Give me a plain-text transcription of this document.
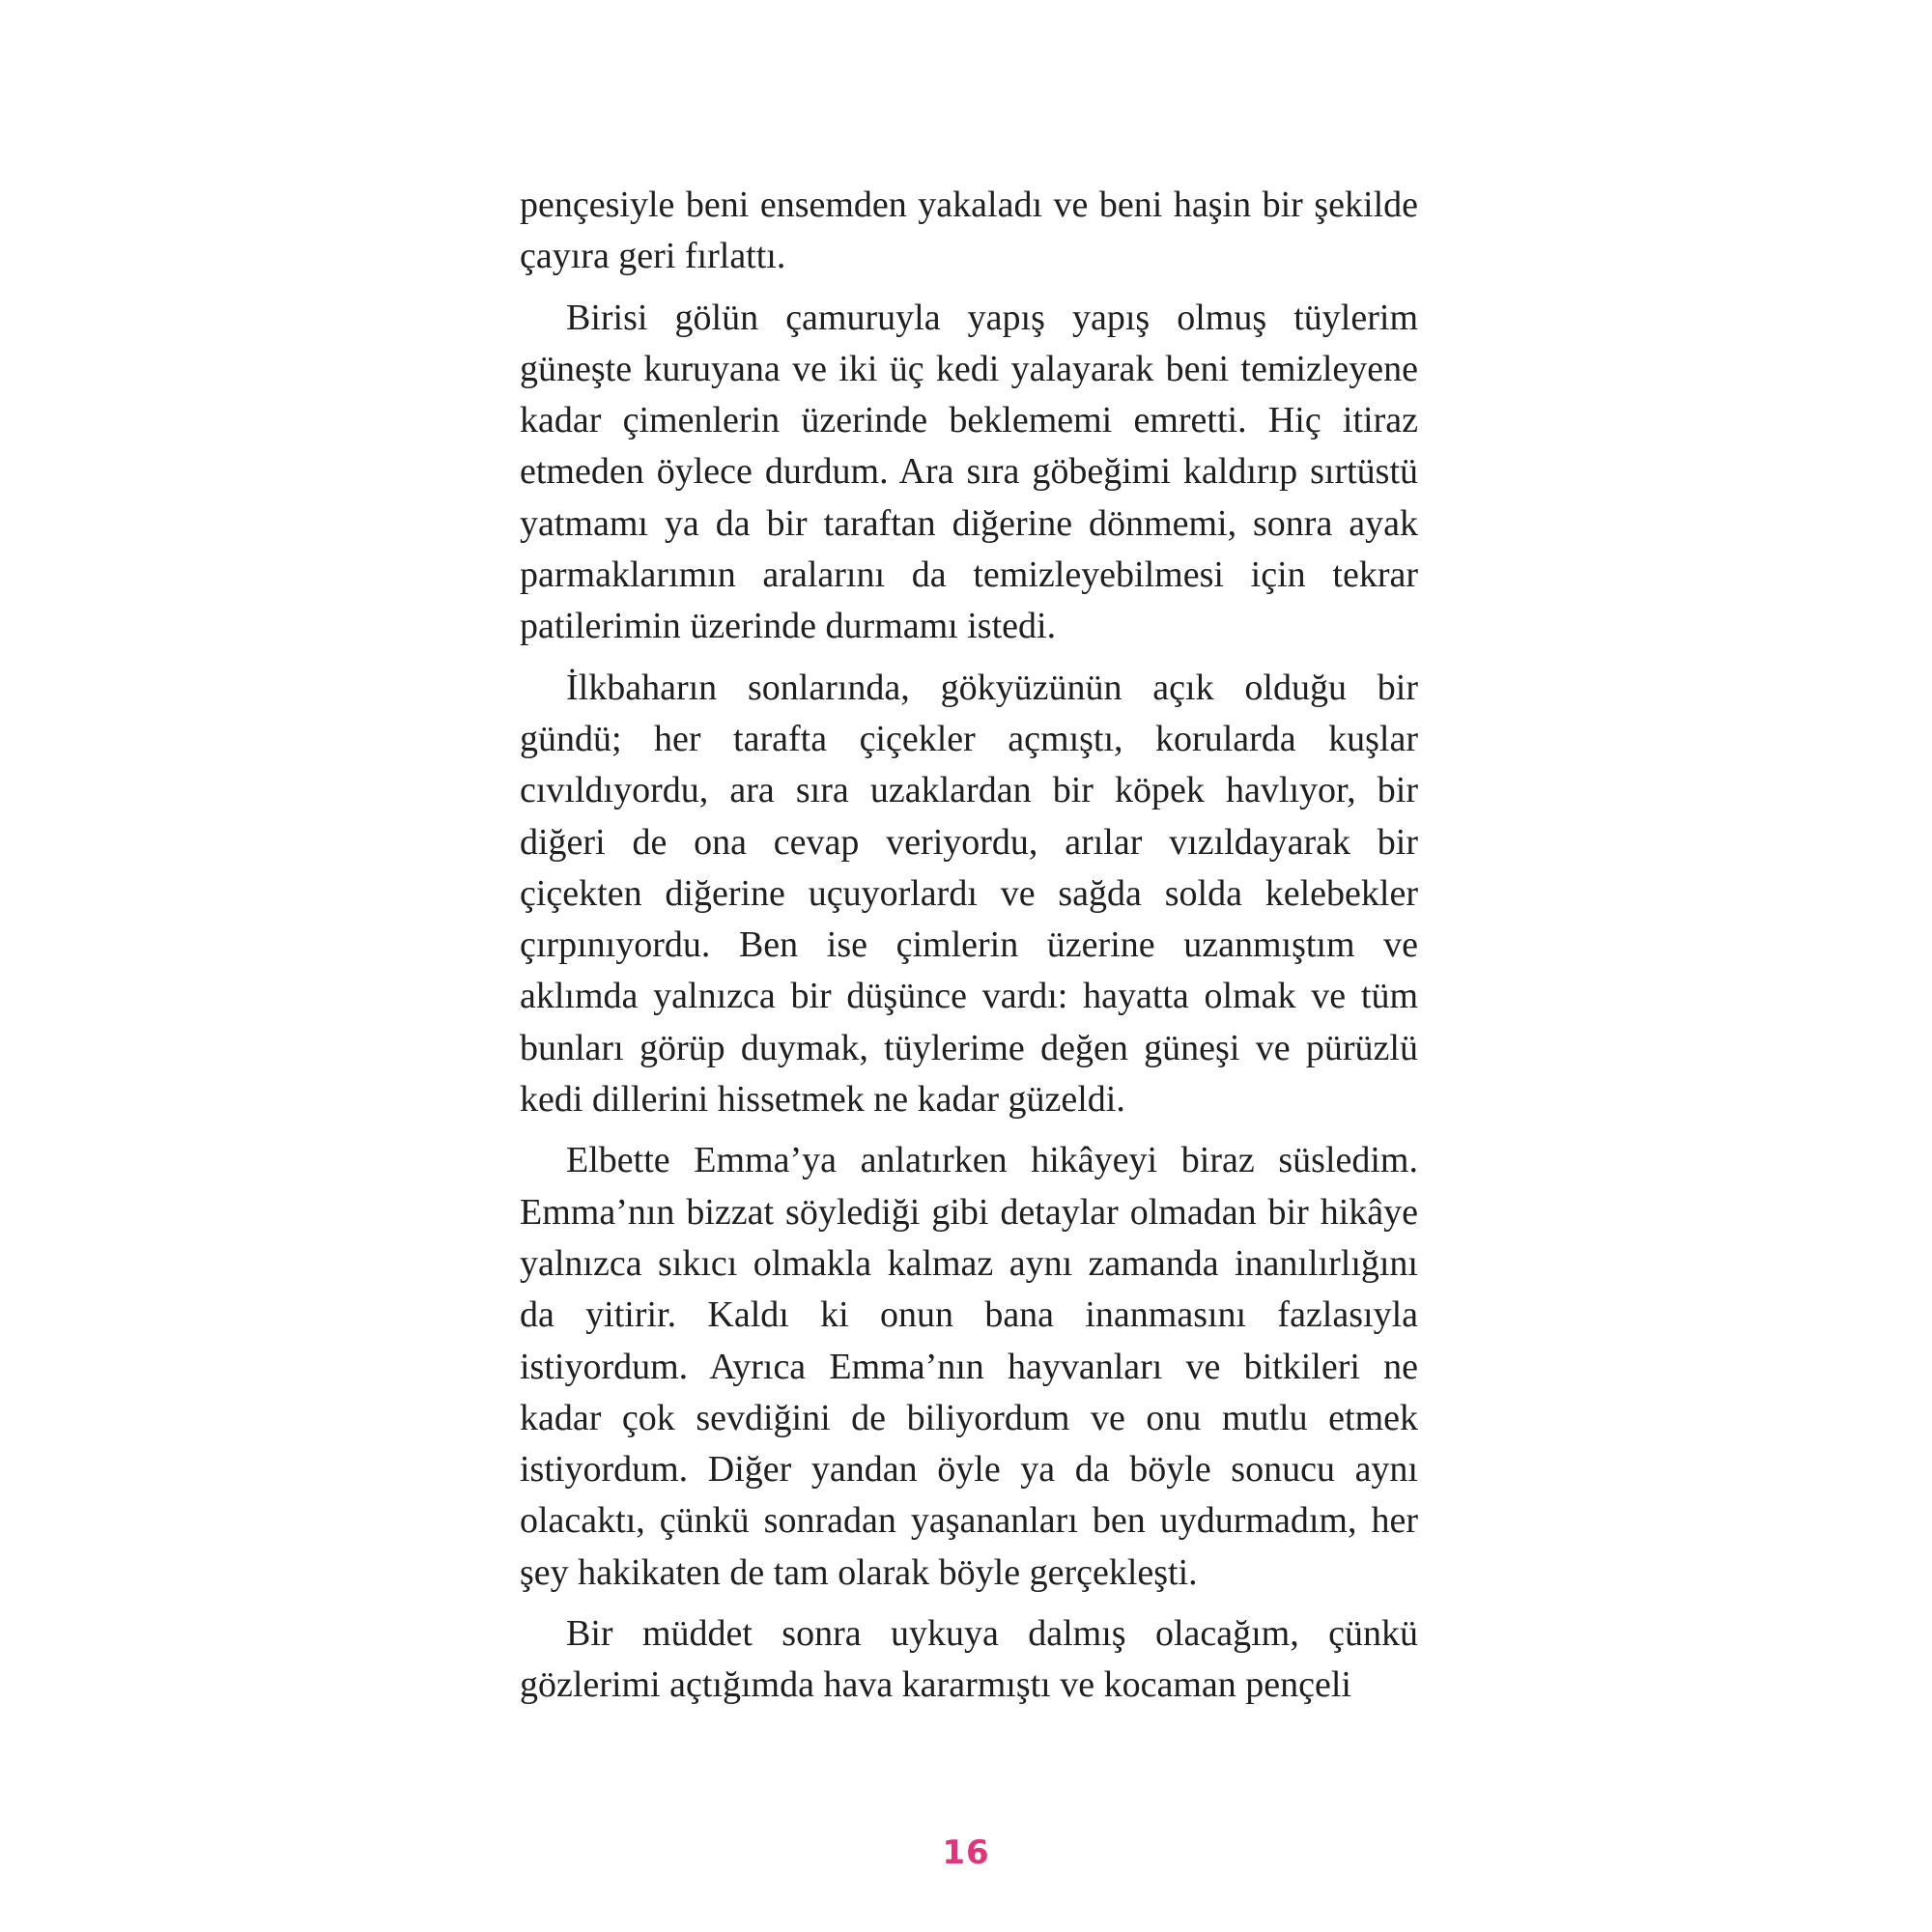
pençesiyle beni ensemden yakaladı ve beni haşin bir şekilde çayıra geri fırlattı.

Birisi gölün çamuruyla yapış yapış olmuş tüylerim güneşte kuruyana ve iki üç kedi yalayarak beni temizleyene kadar çimenlerin üzerinde beklememi emretti. Hiç itiraz etmeden öylece durdum. Ara sıra göbeğimi kaldırıp sırtüstü yatmamı ya da bir taraftan diğerine dönmemi, sonra ayak parmaklarımın aralarını da temizleyebilmesi için tekrar patilerimin üzerinde durmamı istedi.

İlkbaharın sonlarında, gökyüzünün açık olduğu bir gündü; her tarafta çiçekler açmıştı, korularda kuşlar cıvıldıyordu, ara sıra uzaklardan bir köpek havlıyor, bir diğeri de ona cevap veriyordu, arılar vızıldayarak bir çiçekten diğerine uçuyorlardı ve sağda solda kelebekler çırpınıyordu. Ben ise çimlerin üzerine uzanmıştım ve aklımda yalnızca bir düşünce vardı: hayatta olmak ve tüm bunları görüp duymak, tüylerime değen güneşi ve pürüzlü kedi dillerini hissetmek ne kadar güzeldi.

Elbette Emma’ya anlatırken hikâyeyi biraz süsledim. Emma’nın bizzat söylediği gibi detaylar olmadan bir hikâye yalnızca sıkıcı olmakla kalmaz aynı zamanda inanılırlığını da yitirir. Kaldı ki onun bana inanmasını fazlasıyla istiyordum. Ayrıca Emma’nın hayvanları ve bitkileri ne kadar çok sevdiğini de biliyordum ve onu mutlu etmek istiyordum. Diğer yandan öyle ya da böyle sonucu aynı olacaktı, çünkü sonradan yaşananları ben uydurmadım, her şey hakikaten de tam olarak böyle gerçekleşti.

Bir müddet sonra uykuya dalmış olacağım, çünkü gözlerimi açtığımda hava kararmıştı ve kocaman pençeli

16
